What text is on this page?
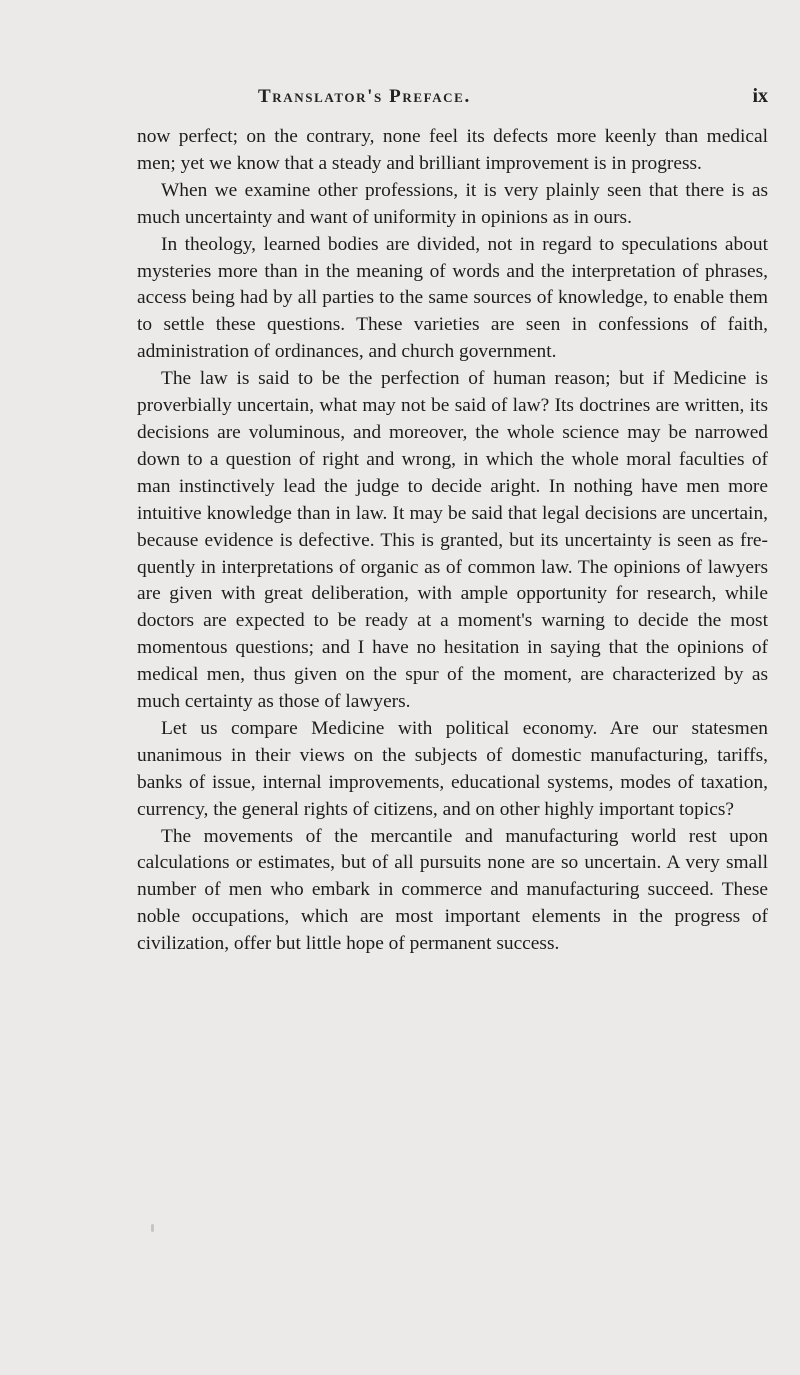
Translator's Preface.	ix

now perfect; on the contrary, none feel its defects more keenly than medical men; yet we know that a steady and brilliant improvement is in progress.

When we examine other professions, it is very plainly seen that there is as much uncertainty and want of uniformity in opinions as in ours.

In theology, learned bodies are divided, not in regard to speculations about mysteries more than in the meaning of words and the interpretation of phrases, access being had by all parties to the same sources of knowledge, to enable them to settle these questions. These varieties are seen in confessions of faith, administration of ordinances, and church government.

The law is said to be the perfection of human reason; but if Medicine is proverbially uncertain, what may not be said of law? Its doctrines are written, its decisions are voluminous, and moreover, the whole science may be narrowed down to a question of right and wrong, in which the whole moral faculties of man instinctively lead the judge to decide aright. In nothing have men more intuitive knowledge than in law. It may be said that legal decisions are uncertain, because evidence is defective. This is granted, but its uncertainty is seen as frequently in interpretations of organic as of common law. The opinions of lawyers are given with great deliberation, with ample opportunity for research, while doctors are expected to be ready at a moment's warning to decide the most momentous questions; and I have no hesitation in saying that the opinions of medical men, thus given on the spur of the moment, are characterized by as much certainty as those of lawyers.

Let us compare Medicine with political economy. Are our statesmen unanimous in their views on the subjects of domestic manufacturing, tariffs, banks of issue, internal improvements, educational systems, modes of taxation, currency, the general rights of citizens, and on other highly important topics?

The movements of the mercantile and manufacturing world rest upon calculations or estimates, but of all pursuits none are so uncertain. A very small number of men who embark in commerce and manufacturing succeed. These noble occupations, which are most important elements in the progress of civilization, offer but little hope of permanent success.
